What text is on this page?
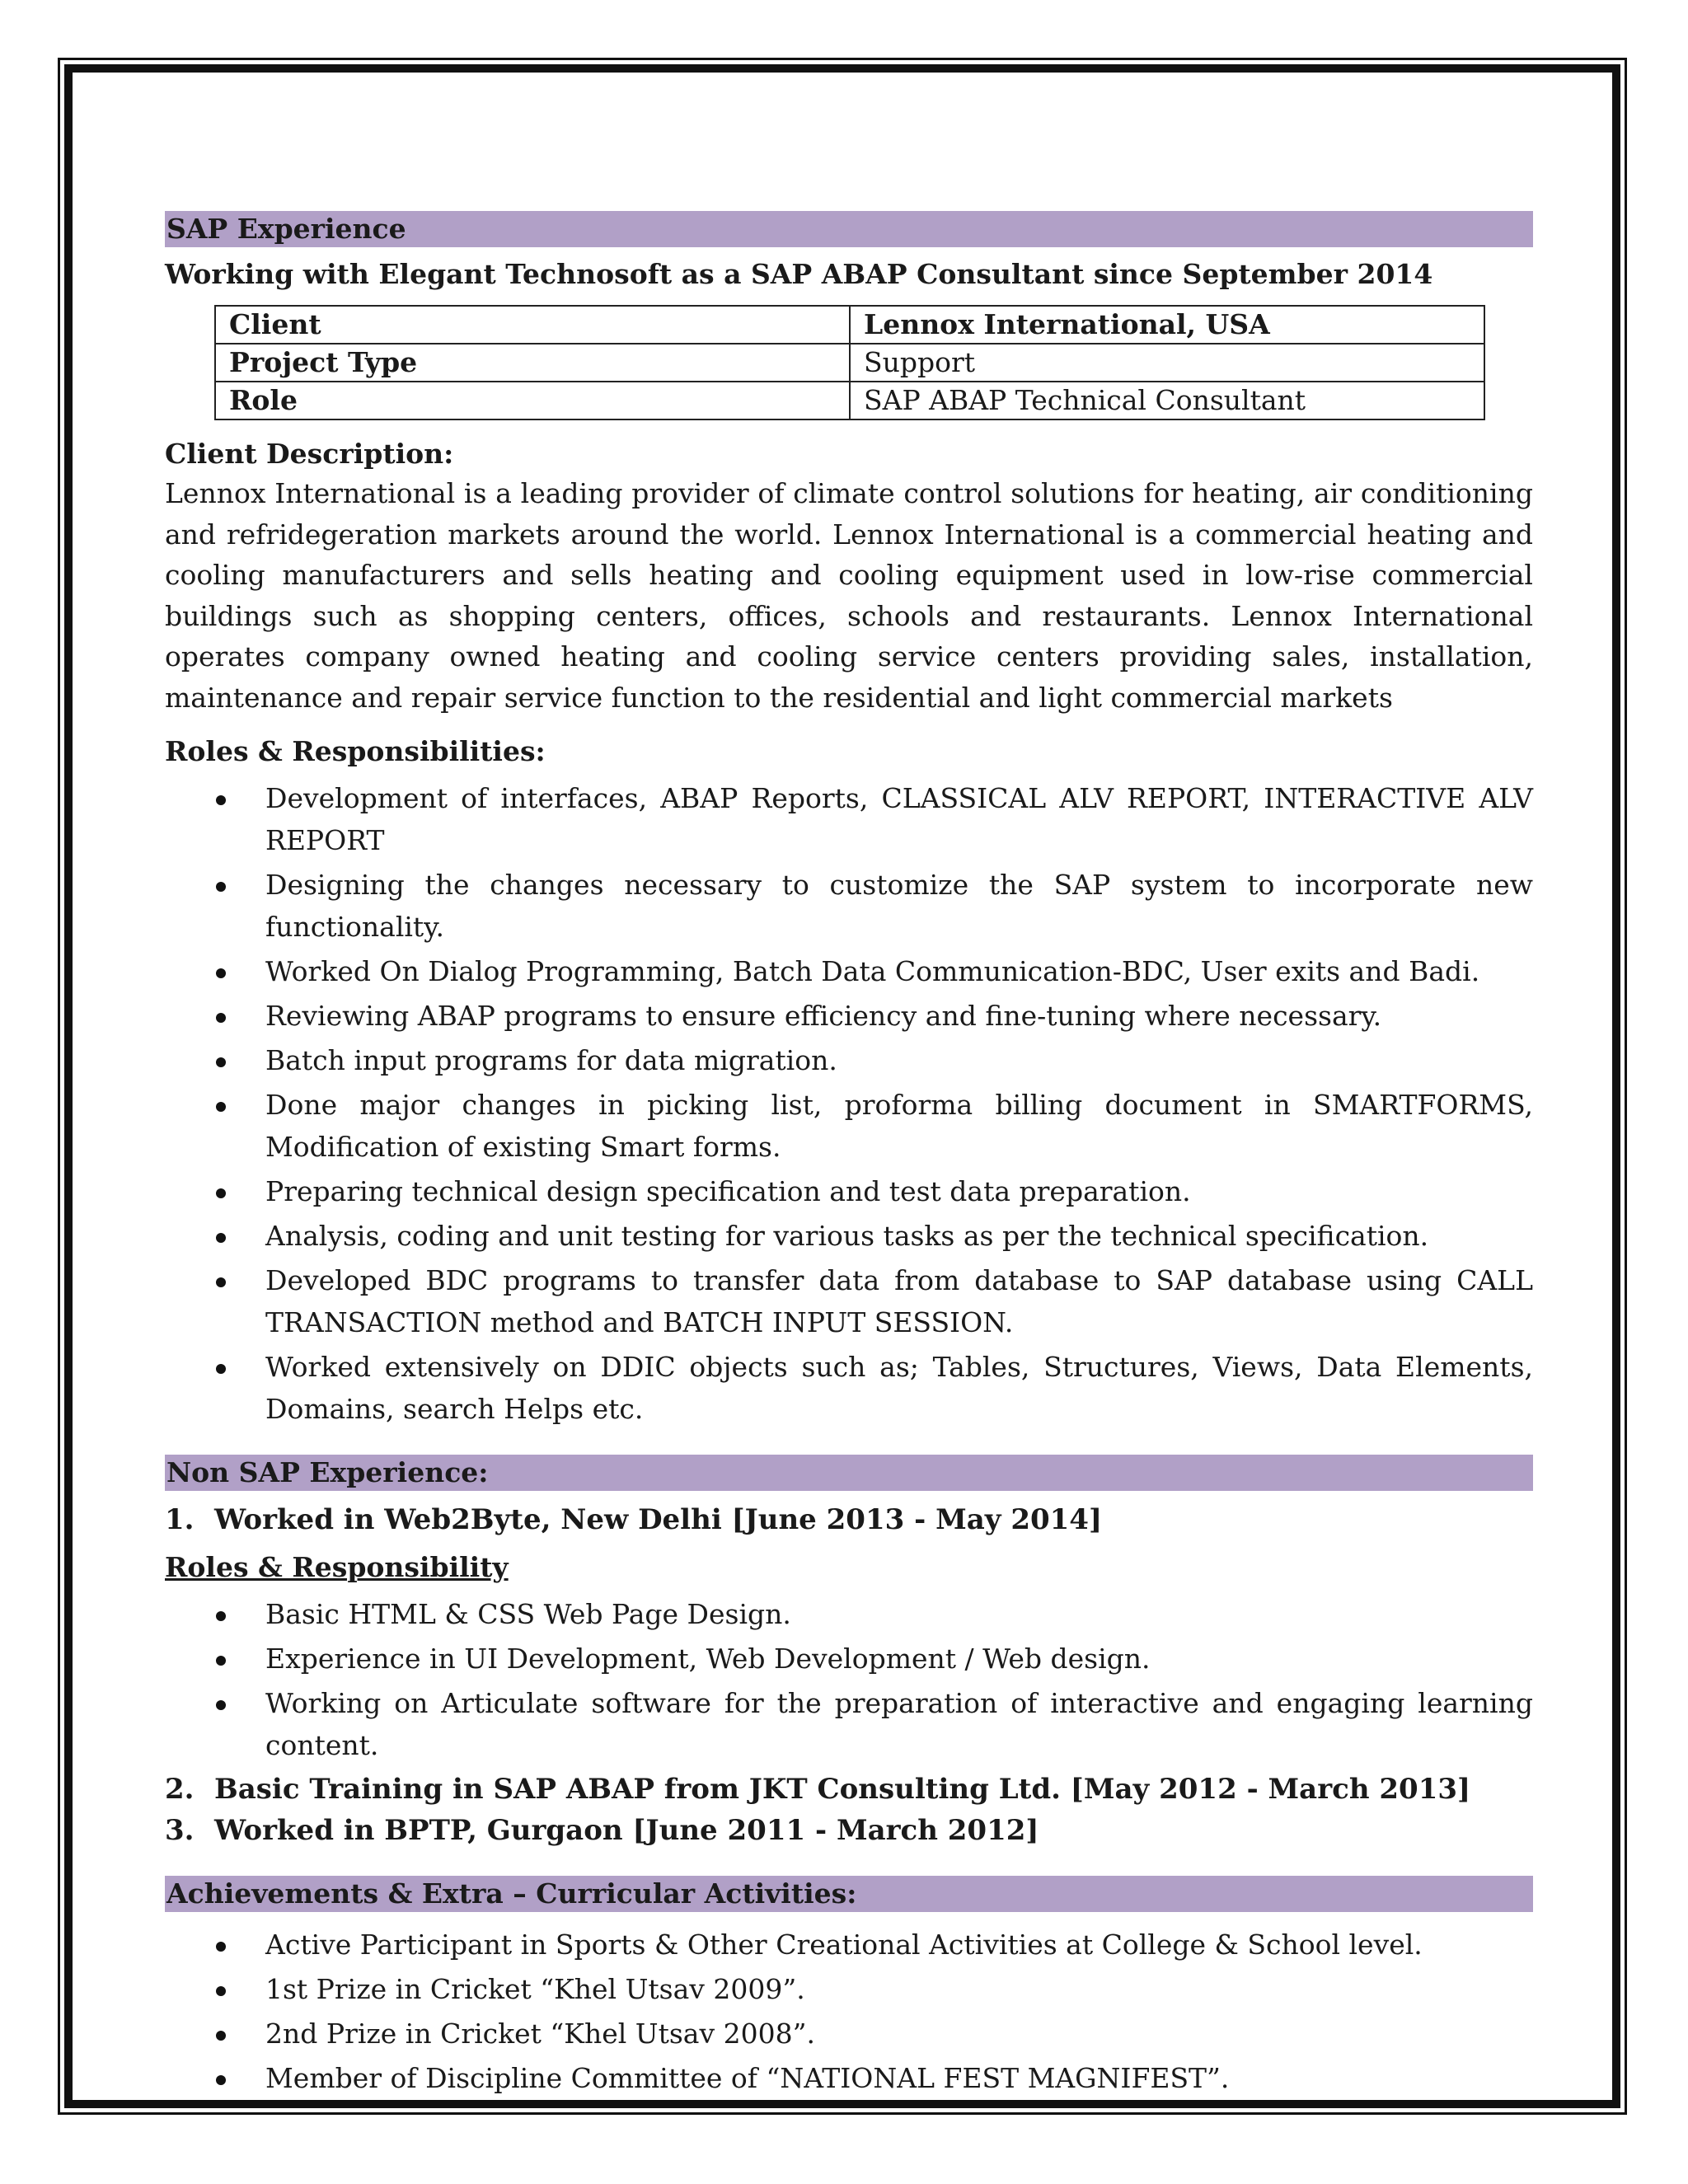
SAP Experience
Working with Elegant Technosoft as a SAP ABAP Consultant since September 2014
Client	Lennox International, USA
Project Type	Support
Role	SAP ABAP Technical Consultant
Client Description:

Lennox International is a leading provider of climate control solutions for heating, air conditioning and refridegeration markets around the world. Lennox International is a commercial heating and cooling manufacturers and sells heating and cooling equipment used in low-rise commercial buildings such as shopping centers, offices, schools and restaurants. Lennox International operates company owned heating and cooling service centers providing sales, installation, maintenance and repair service function to the residential and light commercial markets

Roles & Responsibilities:
Development of interfaces, ABAP Reports, CLASSICAL ALV REPORT, INTERACTIVE ALV REPORT
Designing the changes necessary to customize the SAP system to incorporate new functionality.
Worked On Dialog Programming, Batch Data Communication-BDC, User exits and Badi.
Reviewing ABAP programs to ensure efficiency and fine-tuning where necessary.
Batch input programs for data migration.
Done major changes in picking list, proforma billing document in SMARTFORMS, Modification of existing Smart forms.
Preparing technical design specification and test data preparation.
Analysis, coding and unit testing for various tasks as per the technical specification.
Developed BDC programs to transfer data from database to SAP database using CALL TRANSACTION method and BATCH INPUT SESSION.
Worked extensively on DDIC objects such as; Tables, Structures, Views, Data Elements, Domains, search Helps etc.
Non SAP Experience:
1. Worked in Web2Byte, New Delhi [June 2013 - May 2014]
Roles & Responsibility
Basic HTML & CSS Web Page Design.
Experience in UI Development, Web Development / Web design.
Working on Articulate software for the preparation of interactive and engaging learning content.
2. Basic Training in SAP ABAP from JKT Consulting Ltd. [May 2012 - March 2013]
3. Worked in BPTP, Gurgaon [June 2011 - March 2012]
Achievements & Extra – Curricular Activities:
Active Participant in Sports & Other Creational Activities at College & School level.
1st Prize in Cricket “Khel Utsav 2009”.
2nd Prize in Cricket “Khel Utsav 2008”.
Member of Discipline Committee of “NATIONAL FEST MAGNIFEST”.
